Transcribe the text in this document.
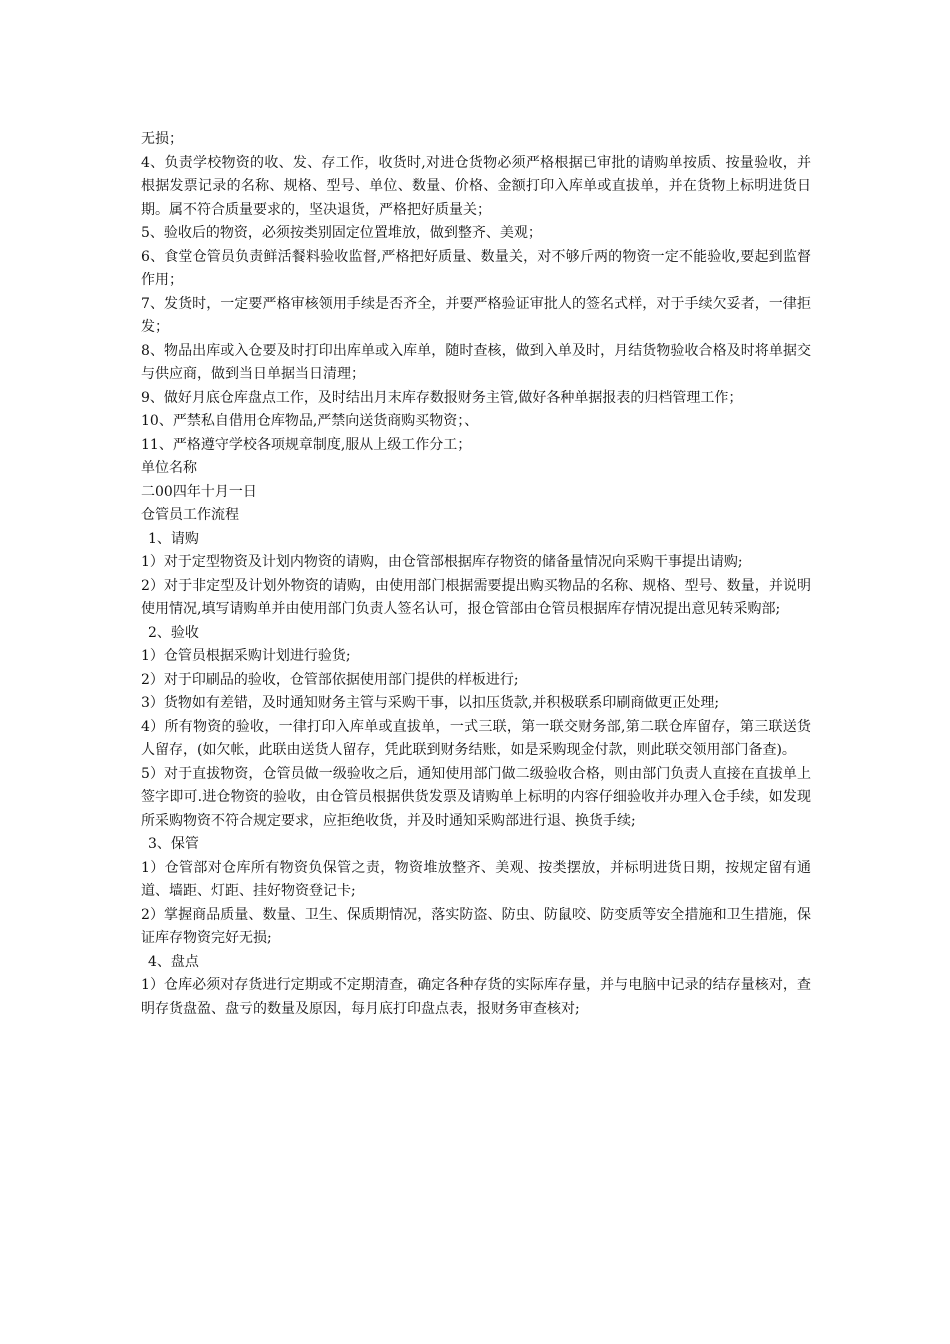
无损；

4、负责学校物资的收、发、存工作，收货时,对进仓货物必须严格根据已审批的请购单按质、按量验收，并根据发票记录的名称、规格、型号、单位、数量、价格、金额打印入库单或直拔单，并在货物上标明进货日期。属不符合质量要求的，坚决退货，严格把好质量关；

5、验收后的物资，必须按类别固定位置堆放，做到整齐、美观；

6、食堂仓管员负责鲜活餐料验收监督,严格把好质量、数量关，对不够斤两的物资一定不能验收,要起到监督作用；

7、发货时，一定要严格审核领用手续是否齐全，并要严格验证审批人的签名式样，对于手续欠妥者，一律拒发；

8、物品出库或入仓要及时打印出库单或入库单，随时查核，做到入单及时，月结货物验收合格及时将单据交与供应商，做到当日单据当日清理；

9、做好月底仓库盘点工作，及时结出月末库存数报财务主管,做好各种单据报表的归档管理工作；

10、严禁私自借用仓库物品,严禁向送货商购买物资；、

11、严格遵守学校各项规章制度,服从上级工作分工；

单位名称

二00四年十月一日

仓管员工作流程

1、请购

1）对于定型物资及计划内物资的请购，由仓管部根据库存物资的储备量情况向采购干事提出请购;

2）对于非定型及计划外物资的请购，由使用部门根据需要提出购买物品的名称、规格、型号、数量，并说明使用情况,填写请购单并由使用部门负责人签名认可，报仓管部由仓管员根据库存情况提出意见转采购部;

2、验收

1）仓管员根据采购计划进行验货;

2）对于印刷品的验收，仓管部依据使用部门提供的样板进行;

3）货物如有差错，及时通知财务主管与采购干事，以扣压货款,并积极联系印刷商做更正处理;

4）所有物资的验收，一律打印入库单或直拔单，一式三联，第一联交财务部,第二联仓库留存，第三联送货人留存，(如欠帐，此联由送货人留存，凭此联到财务结账，如是采购现金付款，则此联交领用部门备查)。

5）对于直拔物资，仓管员做一级验收之后，通知使用部门做二级验收合格，则由部门负责人直接在直拔单上签字即可.进仓物资的验收，由仓管员根据供货发票及请购单上标明的内容仔细验收并办理入仓手续，如发现所采购物资不符合规定要求，应拒绝收货，并及时通知采购部进行退、换货手续;

3、保管

1）仓管部对仓库所有物资负保管之责，物资堆放整齐、美观、按类摆放，并标明进货日期，按规定留有通道、墙距、灯距、挂好物资登记卡;

2）掌握商品质量、数量、卫生、保质期情况，落实防盗、防虫、防鼠咬、防变质等安全措施和卫生措施，保证库存物资完好无损;

4、盘点

1）仓库必须对存货进行定期或不定期清查，确定各种存货的实际库存量，并与电脑中记录的结存量核对，查明存货盘盈、盘亏的数量及原因，每月底打印盘点表，报财务审查核对;
